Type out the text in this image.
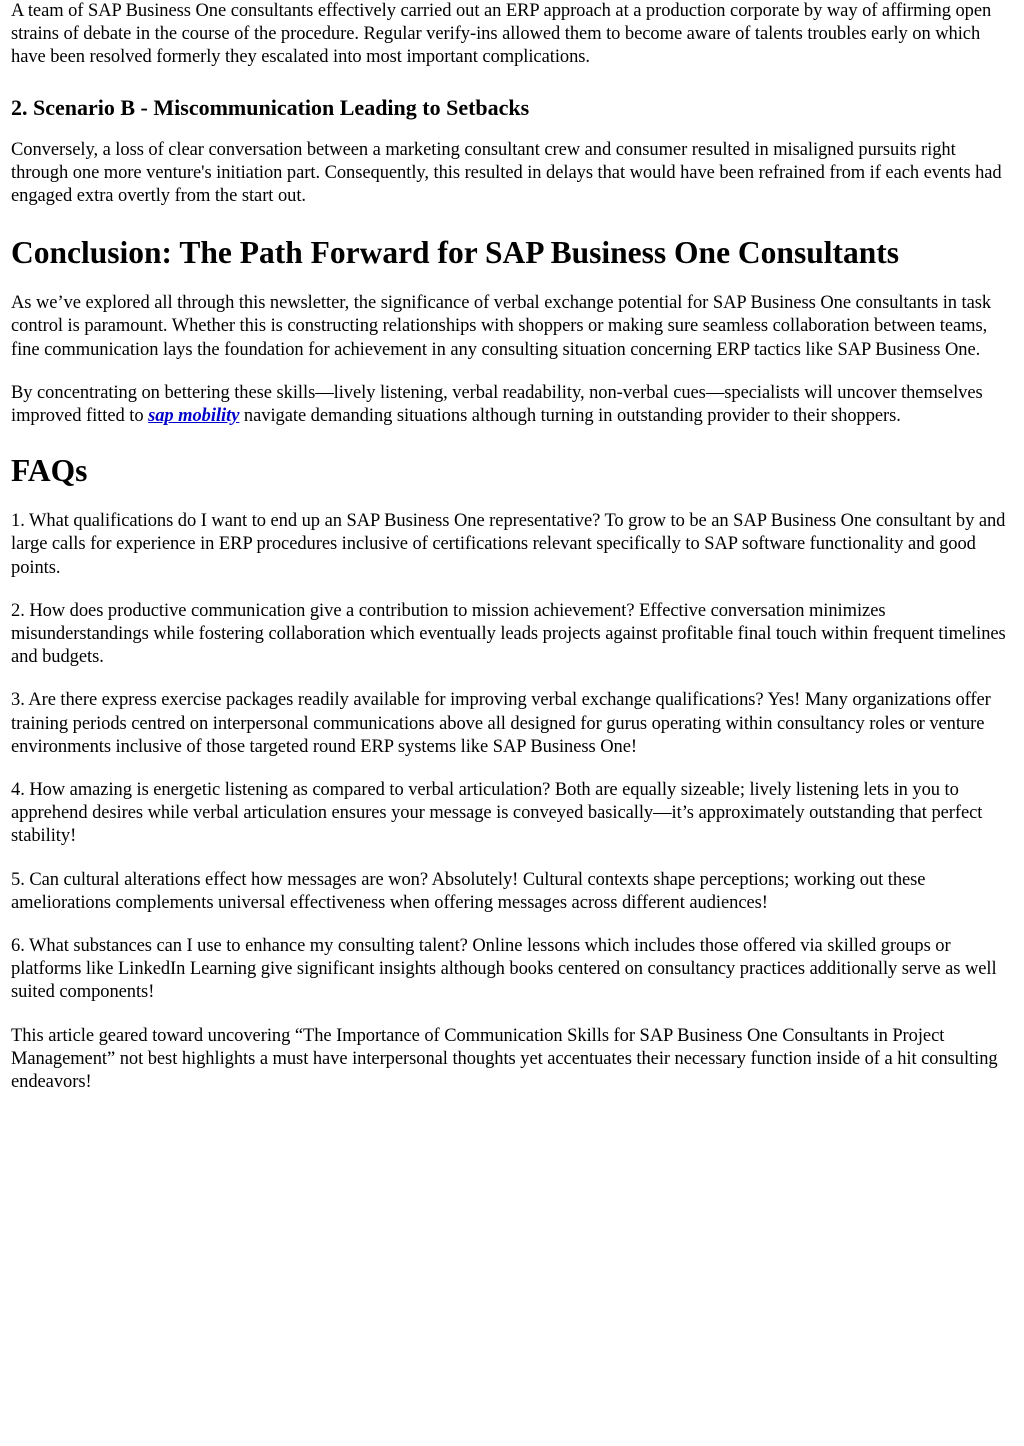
A team of SAP Business One consultants effectively carried out an ERP approach at a production corporate by way of affirming open strains of debate in the course of the procedure. Regular verify-ins allowed them to become aware of talents troubles early on which have been resolved formerly they escalated into most important complications.

2. Scenario B - Miscommunication Leading to Setbacks

Conversely, a loss of clear conversation between a marketing consultant crew and consumer resulted in misaligned pursuits right through one more venture's initiation part. Consequently, this resulted in delays that would have been refrained from if each events had engaged extra overtly from the start out.

Conclusion: The Path Forward for SAP Business One Consultants

As we’ve explored all through this newsletter, the significance of verbal exchange potential for SAP Business One consultants in task control is paramount. Whether this is constructing relationships with shoppers or making sure seamless collaboration between teams, fine communication lays the foundation for achievement in any consulting situation concerning ERP tactics like SAP Business One.

By concentrating on bettering these skills—lively listening, verbal readability, non-verbal cues—specialists will uncover themselves improved fitted to sap mobility navigate demanding situations although turning in outstanding provider to their shoppers.

FAQs

1. What qualifications do I want to end up an SAP Business One representative? To grow to be an SAP Business One consultant by and large calls for experience in ERP procedures inclusive of certifications relevant specifically to SAP software functionality and good points.

2. How does productive communication give a contribution to mission achievement? Effective conversation minimizes misunderstandings while fostering collaboration which eventually leads projects against profitable final touch within frequent timelines and budgets.

3. Are there express exercise packages readily available for improving verbal exchange qualifications? Yes! Many organizations offer training periods centred on interpersonal communications above all designed for gurus operating within consultancy roles or venture environments inclusive of those targeted round ERP systems like SAP Business One!

4. How amazing is energetic listening as compared to verbal articulation? Both are equally sizeable; lively listening lets in you to apprehend desires while verbal articulation ensures your message is conveyed basically—it’s approximately outstanding that perfect stability!

5. Can cultural alterations effect how messages are won? Absolutely! Cultural contexts shape perceptions; working out these ameliorations complements universal effectiveness when offering messages across different audiences!

6. What substances can I use to enhance my consulting talent? Online lessons which includes those offered via skilled groups or platforms like LinkedIn Learning give significant insights although books centered on consultancy practices additionally serve as well suited components!

This article geared toward uncovering “The Importance of Communication Skills for SAP Business One Consultants in Project Management” not best highlights a must have interpersonal thoughts yet accentuates their necessary function inside of a hit consulting endeavors!
